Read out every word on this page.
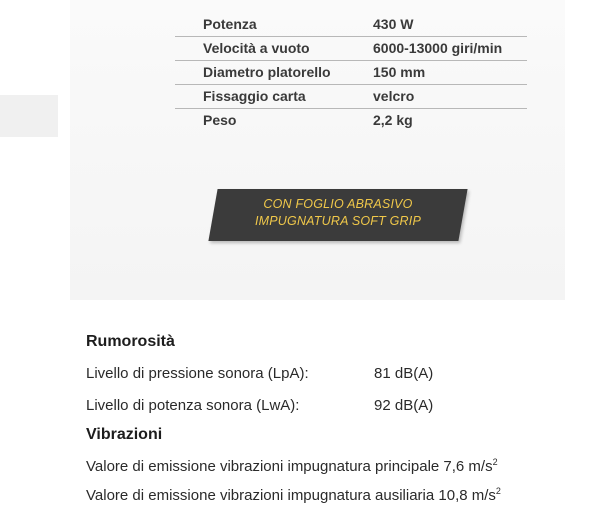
Potenza	430 W
Velocità a vuoto	6000-13000 giri/min
Diametro platorello	150 mm
Fissaggio carta	velcro
Peso	2,2 kg
CON FOGLIO ABRASIVO
IMPUGNATURA SOFT GRIP
Rumorosità
Livello di pressione sonora (LpA):	81 dB(A)
Livello di potenza sonora (LwA):	92 dB(A)
Vibrazioni
Valore di emissione vibrazioni impugnatura principale 7,6 $m/s^2$
Valore di emissione vibrazioni impugnatura ausiliaria 10,8 $m/s^2$
